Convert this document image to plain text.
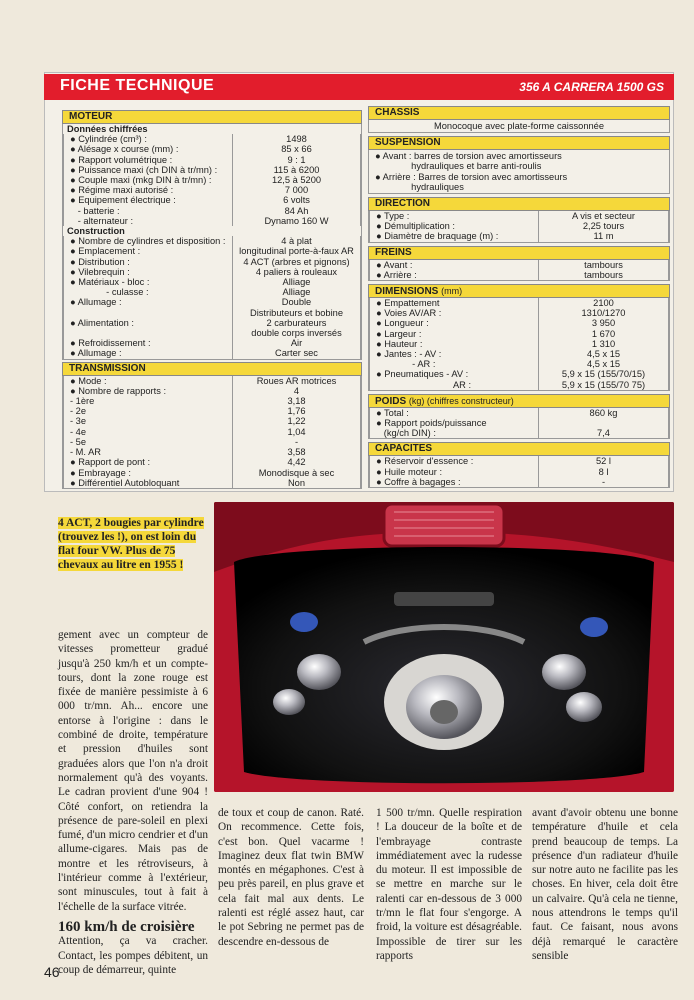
FICHE TECHNIQUE	356 A CARRERA 1500 GS
MOTEUR
Données chiffrées
● Cylindrée (cm³) :	1498
● Alésage x course (mm) :	85 x 66
● Rapport volumétrique :	9 : 1
● Puissance maxi (ch DIN à tr/mn) :	115 à 6200
● Couple maxi (mkg DIN à tr/mn) :	12,5 à 5200
● Régime maxi autorisé :	7 000
● Equipement électrique :	6 volts
- batterie :	84 Ah
- alternateur :	Dynamo 160 W
Construction
● Nombre de cylindres et disposition :	4 à plat
● Emplacement :	longitudinal porte-à-faux AR
● Distribution :	4 ACT (arbres et pignons)
● Vilebrequin :	4 paliers à rouleaux
● Matériaux - bloc :	Alliage
- culasse :	Alliage
● Allumage :	Double
Distributeurs et bobine
● Alimentation :	2 carburateurs
double corps inversés
● Refroidissement :	Air
● Allumage :	Carter sec
TRANSMISSION
● Mode :	Roues AR motrices
● Nombre de rapports :	4
- 1ère	3,18
- 2e	1,76
- 3e	1,22
- 4e	1,04
- 5e	-
- M. AR	3,58
● Rapport de pont :	4,42
● Embrayage :	Monodisque à sec
● Différentiel Autobloquant	Non
CHASSIS
Monocoque avec plate-forme caissonnée
SUSPENSION
● Avant : barres de torsion avec amortisseurs
hydrauliques et barre anti-roulis
● Arrière : Barres de torsion avec amortisseurs
hydrauliques
DIRECTION
● Type :	A vis et secteur
● Démultiplication :	2,25 tours
● Diamètre de braquage (m) :	11 m
FREINS
● Avant :	tambours
● Arrière :	tambours
DIMENSIONS (mm)
● Empattement	2100
● Voies AV/AR :	1310/1270
● Longueur :	3 950
● Largeur :	1 670
● Hauteur :	1 310
● Jantes : - AV :	4,5 x 15
- AR :	4,5 x 15
● Pneumatiques - AV :	5,9 x 15 (155/70/15)
AR :	5,9 x 15 (155/70 75)
POIDS (kg) (chiffres constructeur)
● Total :	860 kg
● Rapport poids/puissance
(kg/ch DIN) :	7,4
CAPACITES
● Réservoir d'essence :	52 l
● Huile moteur :	8 l
● Coffre à bagages :	-
4 ACT, 2 bougies par cylindre (trouvez les !), on est loin du flat four VW. Plus de 75 chevaux au litre en 1955 !

gement avec un compteur de vitesses prometteur gradué jusqu'à 250 km/h et un compte-tours, dont la zone rouge est fixée de manière pessimiste à 6 000 tr/mn. Ah... encore une entorse à l'origine : dans le combiné de droite, température et pression d'huiles sont graduées alors que l'on n'a droit normalement qu'à des voyants. Le cadran provient d'une 904 ! Côté confort, on retiendra la présence de pare-soleil en plexi fumé, d'un micro cendrier et d'un allume-cigares. Mais pas de montre et les rétroviseurs, à l'intérieur comme à l'extérieur, sont minuscules, tout à fait à l'échelle de la surface vitrée.

160 km/h de croisière

Attention, ça va cracher. Contact, les pompes débitent, un coup de démarreur, quinte

de toux et coup de canon. Raté. On recommence. Cette fois, c'est bon. Quel vacarme ! Imaginez deux flat twin BMW montés en mégaphones. C'est à peu près pareil, en plus grave et cela fait mal aux dents. Le ralenti est réglé assez haut, car le pot Sebring ne permet pas de descendre en-dessous de
1 500 tr/mn. Quelle respiration ! La douceur de la boîte et de l'embrayage contraste immédiatement avec la rudesse du moteur. Il est impossible de se mettre en marche sur le ralenti car en-dessous de 3 000 tr/mn le flat four s'engorge. A froid, la voiture est désagréable. Impossible de tirer sur les rapports
avant d'avoir obtenu une bonne température d'huile et cela prend beaucoup de temps. La présence d'un radiateur d'huile sur notre auto ne facilite pas les choses. En hiver, cela doit être un calvaire. Qu'à cela ne tienne, nous attendrons le temps qu'il faut. Ce faisant, nous avons déjà remarqué le caractère sensible
46
